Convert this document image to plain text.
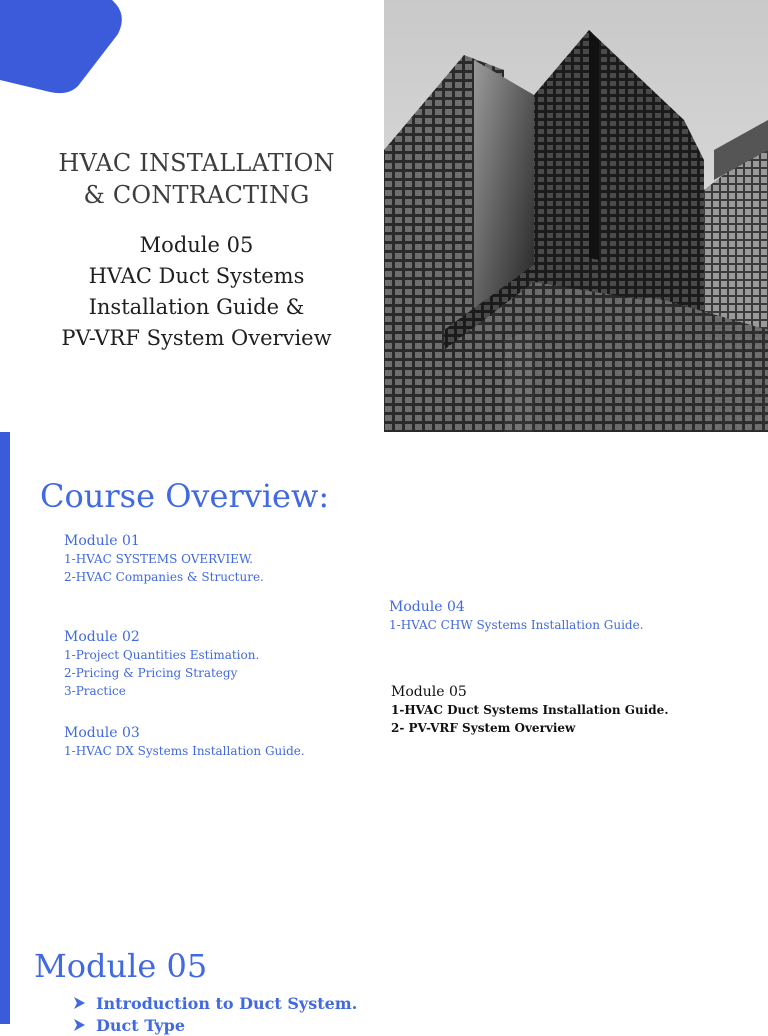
HVAC INSTALLATION
& CONTRACTING
Module 05
HVAC Duct Systems
Installation Guide &
PV-VRF System Overview
Course Overview:
Module 01
1-HVAC SYSTEMS OVERVIEW.
2-HVAC Companies & Structure.
Module 02
1-Project Quantities Estimation.
2-Pricing & Pricing Strategy
3-Practice
Module 03
1-HVAC DX Systems Installation Guide.
Module 04
1-HVAC CHW Systems Installation Guide.
Module 05
1-HVAC Duct Systems Installation Guide.
2- PV-VRF System Overview
Module 05
Introduction to Duct System.
Duct Type
